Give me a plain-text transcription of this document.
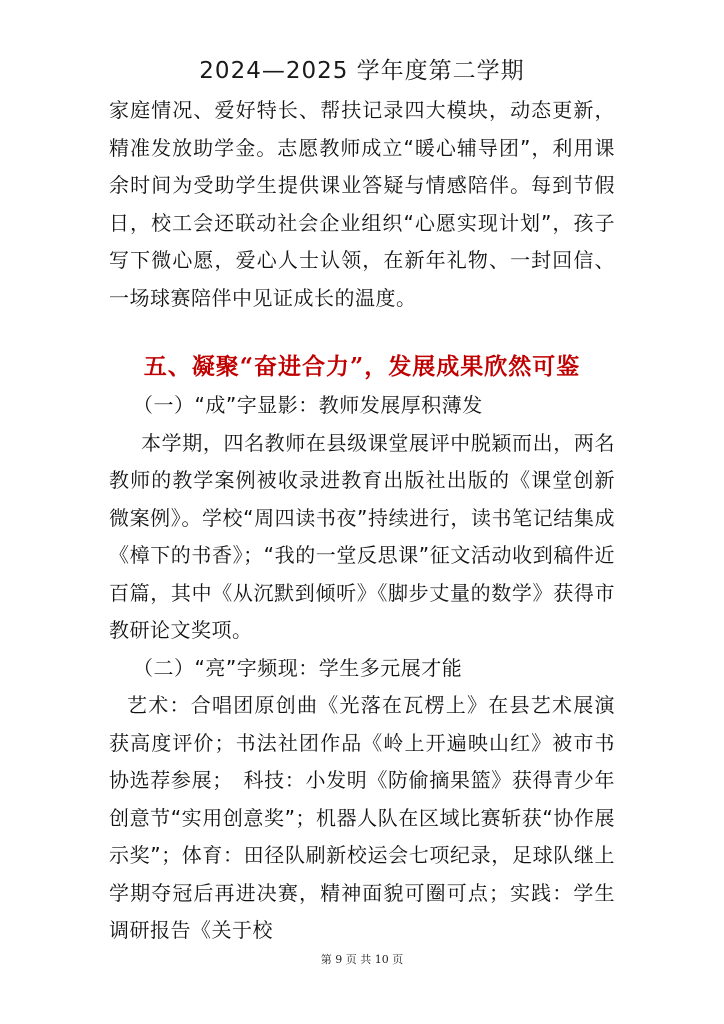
2024—2025 学年度第二学期

家庭情况、爱好特长、帮扶记录四大模块，动态更新，精准发放助学金。志愿教师成立“暖心辅导团”，利用课余时间为受助学生提供课业答疑与情感陪伴。每到节假日，校工会还联动社会企业组织“心愿实现计划”，孩子写下微心愿，爱心人士认领，在新年礼物、一封回信、一场球赛陪伴中见证成长的温度。

五、凝聚“奋进合力”，发展成果欣然可鉴

（一）“成”字显影：教师发展厚积薄发

本学期，四名教师在县级课堂展评中脱颖而出，两名教师的教学案例被收录进教育出版社出版的《课堂创新微案例》。学校“周四读书夜”持续进行，读书笔记结集成《樟下的书香》；“我的一堂反思课”征文活动收到稿件近百篇，其中《从沉默到倾听》《脚步丈量的数学》获得市教研论文奖项。

（二）“亮”字频现：学生多元展才能

艺术：合唱团原创曲《光落在瓦楞上》在县艺术展演获高度评价；书法社团作品《岭上开遍映山红》被市书协选荐参展；　科技：小发明《防偷摘果篮》获得青少年创意节“实用创意奖”；机器人队在区域比赛斩获“协作展示奖”；体育：田径队刷新校运会七项纪录，足球队继上学期夺冠后再进决赛，精神面貌可圈可点；实践：学生调研报告《关于校

第 9 页 共 10 页
